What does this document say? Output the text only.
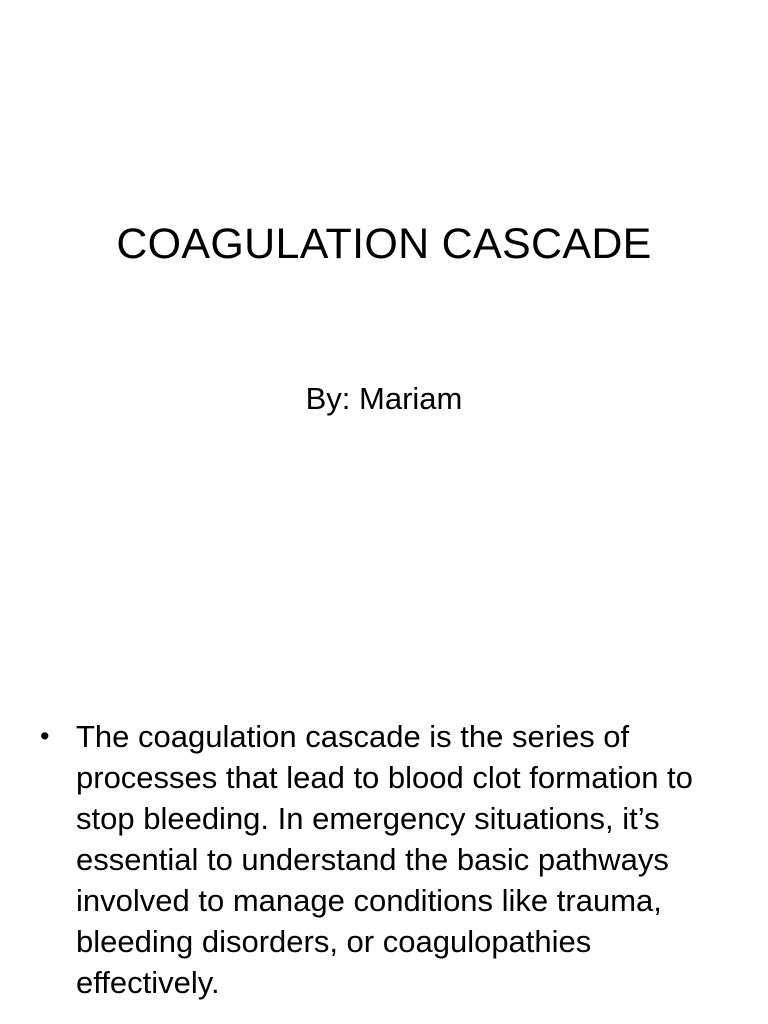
COAGULATION CASCADE
By: Mariam
• The coagulation cascade is the series of processes that lead to blood clot formation to stop bleeding. In emergency situations, it’s essential to understand the basic pathways involved to manage conditions like trauma, bleeding disorders, or coagulopathies effectively.
